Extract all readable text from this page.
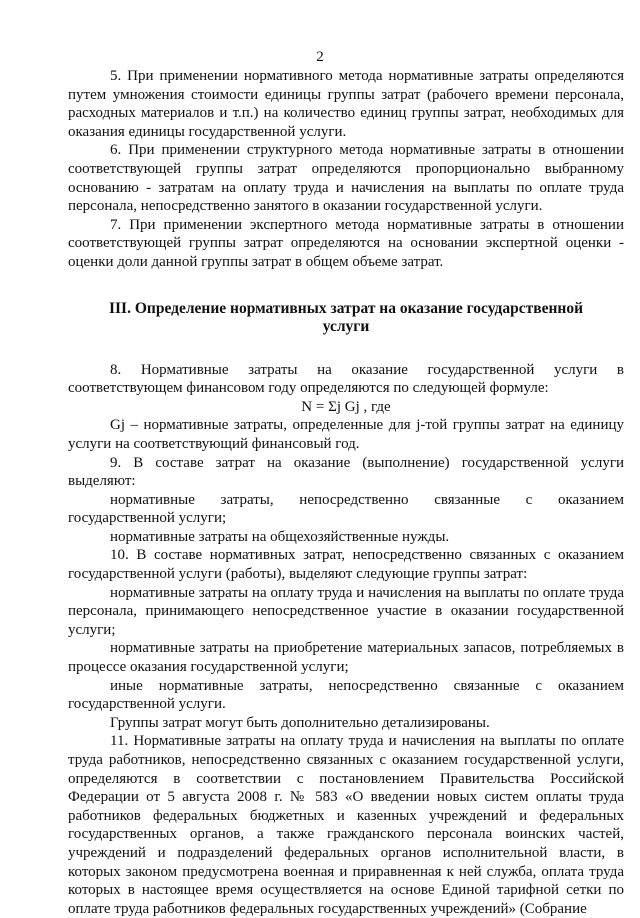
2

5. При применении нормативного метода нормативные затраты определяются путем умножения стоимости единицы группы затрат (рабочего времени персонала, расходных материалов и т.п.) на количество единиц группы затрат, необходимых для оказания единицы государственной услуги.

6. При применении структурного метода нормативные затраты в отношении соответствующей группы затрат определяются пропорционально выбранному основанию - затратам на оплату труда и начисления на выплаты по оплате труда персонала, непосредственно занятого в оказании государственной услуги.

7. При применении экспертного метода нормативные затраты в отношении соответствующей группы затрат определяются на основании экспертной оценки - оценки доли данной группы затрат в общем объеме затрат.

III. Определение нормативных затрат на оказание государственной
услуги

8. Нормативные затраты на оказание государственной услуги в соответствующем финансовом году определяются по следующей формуле:

N = Σj Gj , где

Gj – нормативные затраты, определенные для j-той группы затрат на единицу услуги на соответствующий финансовый год.

9. В составе затрат на оказание (выполнение) государственной услуги выделяют:

нормативные затраты, непосредственно связанные с оказанием государственной услуги;

нормативные затраты на общехозяйственные нужды.

10. В составе нормативных затрат, непосредственно связанных с оказанием государственной услуги (работы), выделяют следующие группы затрат:

нормативные затраты на оплату труда и начисления на выплаты по оплате труда персонала, принимающего непосредственное участие в оказании государственной услуги;

нормативные затраты на приобретение материальных запасов, потребляемых в процессе оказания государственной услуги;

иные нормативные затраты, непосредственно связанные с оказанием государственной услуги.

Группы затрат могут быть дополнительно детализированы.

11. Нормативные затраты на оплату труда и начисления на выплаты по оплате труда работников, непосредственно связанных с оказанием государственной услуги, определяются в соответствии с постановлением Правительства Российской Федерации от 5 августа 2008 г. № 583 «О введении новых систем оплаты труда работников федеральных бюджетных и казенных учреждений и федеральных государственных органов, а также гражданского персонала воинских частей, учреждений и подразделений федеральных органов исполнительной власти, в которых законом предусмотрена военная и приравненная к ней служба, оплата труда которых в настоящее время осуществляется на основе Единой тарифной сетки по оплате труда работников федеральных государственных учреждений» (Собрание
